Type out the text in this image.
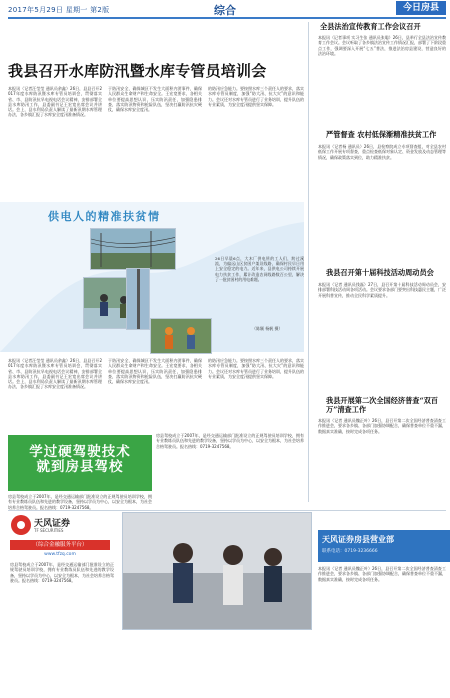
2017年5月29日 星期一 第2版	综合	今日房县
我县召开水库防汛暨水库专管员培训会
本报讯（记者汪莹莹 通讯员余鑫）26日，县县召开2017年度水库防汛暨水库专管员培训会，贯彻落实省、市、县防汛抗旱电视电话会议精神，安排部署全县水库防汛工作，县委副书记王宏宽出席会议并讲话。会上，县水利局负责人解读了最新汛期水库管理办法，各乡镇汇报了水库安全度汛准备情况。
于防汛安全，确保城区不发生大面积内涝事件，确保人民群众生命财产和生命安全。王宏宽要求，各相关单位要提高思想认识，压实防汛责任，加强隐患排查，落实防汛物资和抢险队伍，坚决打赢防汛抗灾硬仗，确保水库安全度汛。
的防汛应急能力。要按照水库三个责任人的要求，落实水库专管员制度，加强“防大汛、抗大灾”的意识和能力。会议还对水库专管员进行了业务培训，提升队伍的专业素质，为安全度汛提供坚实保障。
供电人的精准扶贫情
26日早晨6点，大木厂供电所的工人们，跨过溪流，为偏远山区贫困户架设线路，确保村民早日用上安全稳定的电力。近年来，县供电公司持续开展电力扶贫工作，累计改造农网线路数百公里，解决了一批贫困村的用电难题。
（陈颖 杨帆 摄）
本报讯（记者汪莹莹 通讯员余鑫）26日，县县召开2017年度水库防汛暨水库专管员培训会，贯彻落实省、市、县防汛抗旱电视电话会议精神，安排部署全县水库防汛工作，县委副书记王宏宽出席会议并讲话。会上，县水利局负责人解读了最新汛期水库管理办法，各乡镇汇报了水库安全度汛准备情况。
于防汛安全，确保城区不发生大面积内涝事件，确保人民群众生命财产和生命安全。王宏宽要求，各相关单位要提高思想认识，压实防汛责任，加强隐患排查，落实防汛物资和抢险队伍，坚决打赢防汛抗灾硬仗，确保水库安全度汛。
的防汛应急能力。要按照水库三个责任人的要求，落实水库专管员制度，加强“防大汛、抗大灾”的意识和能力。会议还对水库专管员进行了业务培训，提升队伍的专业素质，为安全度汛提供坚实保障。
全县法治宣传教育工作会议召开
本报讯（记者事项 实习生张 通讯员张聪）26日，县举行全县法治宣传教育工作会议。会议听取了各乡镇法治宣传工作情况汇报，部署了下阶段重点工作，强调要深入开展“七五”普法，推进法治房县建设，营造良好的法治环境。
严管督查 农村低保渐精准扶贫工作
本报讯（记者杨 通讯员）26日，县检察院成立专项督查组，对全县农村低保工作开展专项督查，重点检查低保对象认定、资金发放及动态管理等情况，确保政策落实到位，助力精准扶贫。
我县召开第十届科技活动周动员会
本报讯（记者 通讯员钱磊）27日，县召开第十届科技活动周动员会，安排部署科技活动周各项活动。会议要求各部门要突出科技惠民主题，广泛开展科普宣传，推动全民科学素质提升。
我县开展第二次全国经济普查“双百万”清查工作
本报讯（记者 通讯员魏正叶）26日，县召开第二次全国经济普查清查工作推进会，要求各乡镇、各部门加强协调配合，确保普查单位不重不漏，数据真实准确，按时完成各项任务。
学过硬驾驶技术
就到房县驾校
房县驾校成立于2007年，是经交通运输部门批准设立的正规驾驶员培训学校，拥有专业教练员队伍和先进的教学设备，坚持以学员为中心，以安全为根本，为社会培养合格驾驶员。报名热线：0719-3247568。
房县驾校成立于2007年，是经交通运输部门批准设立的正规驾驶员培训学校，拥有专业教练员队伍和先进的教学设备，坚持以学员为中心，以安全为根本，为社会培养合格驾驶员。报名热线：0719-3247568。
天风证券
TF SECURITIES
（综合金融服务平台）
www.tfzq.com
房县驾校成立于2007年，是经交通运输部门批准设立的正规驾驶员培训学校，拥有专业教练员队伍和先进的教学设备，坚持以学员为中心，以安全为根本，为社会培养合格驾驶员。报名热线：0719-3247568。
天风证券房县营业部
联系电话：0719-3236666
本报讯（记者 通讯员魏正叶）26日，县召开第二次全国经济普查清查工作推进会，要求各乡镇、各部门加强协调配合，确保普查单位不重不漏，数据真实准确，按时完成各项任务。
